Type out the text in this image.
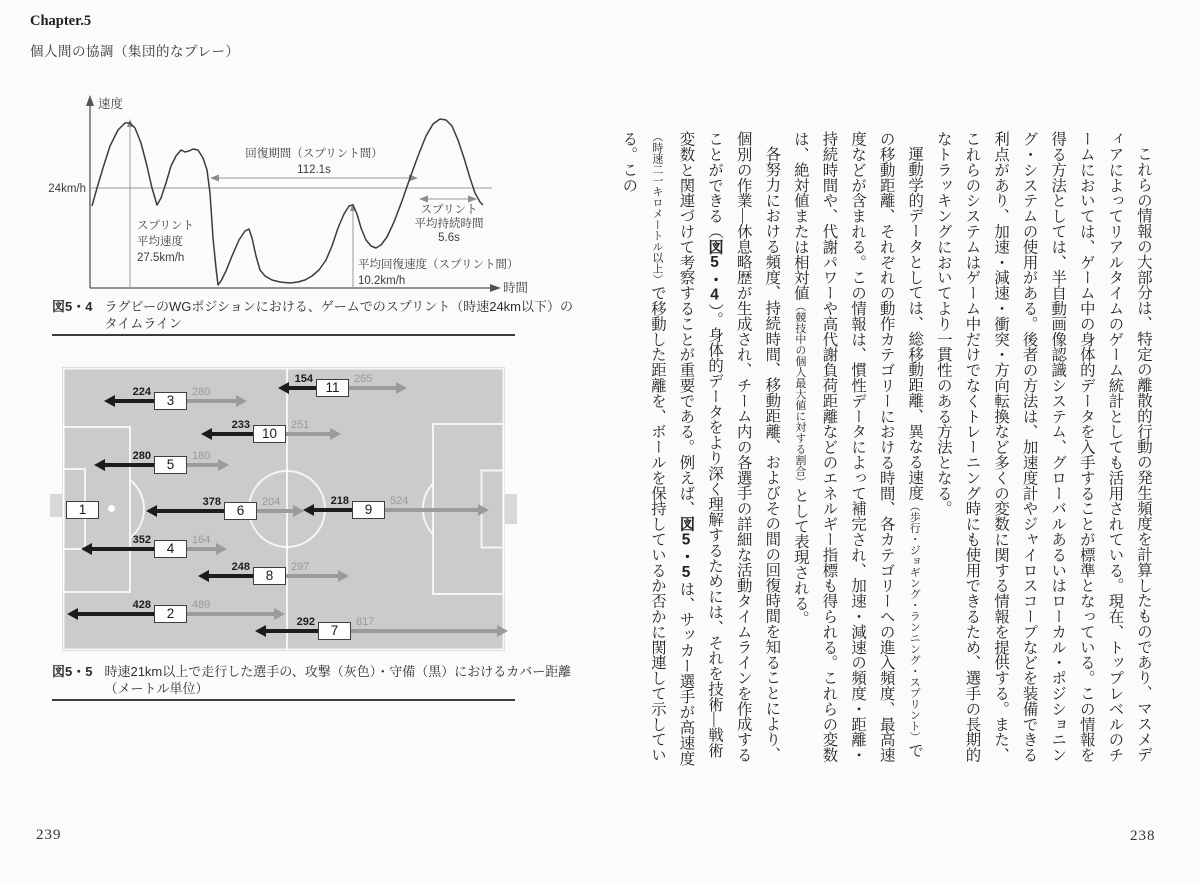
Chapter.5
個人間の協調（集団的なプレー）
速度
時間
24km/h
スプリント
平均速度
27.5km/h
回復期間（スプリント間）
112.1s
平均回復速度（スプリント間）
10.2km/h
スプリント
平均持続時間
5.6s
図5・4 ラグビーのWGポジションにおける、ゲームでのスプリント（時速24km以下）の
タイムライン
1
224	280
3
154	265
11
233	251
10
280	180
5
378	204
6
218	524
9
352	164
4
248	297
8
428	489
2
292	817
7
図5・5 時速21km以上で走行した選手の、攻撃（灰色）・守備（黒）におけるカバー距離
（メートル単位）	これらの情報の大部分は、特定の離散的行動の発生頻度を計算したものであり、マスメディアによってリアルタイムのゲーム統計としても活用されている。現在、トップレベルのチームにおいては、ゲーム中の身体的データを入手することが標準となっている。この情報を得る方法としては、半自動画像認識システム、グローバルあるいはローカル・ポジショニング・システムの使用がある。後者の方法は、加速度計やジャイロスコープなどを装備できる利点があり、加速・減速・衝突・方向転換など多くの変数に関する情報を提供する。また、これらのシステムはゲーム中だけでなくトレーニング時にも使用できるため、選手の長期的なトラッキングにおいてより一貫性のある方法となる。

運動学的データとしては、総移動距離、異なる速度（歩行・ジョギング・ランニング・スプリント）での移動距離、それぞれの動作カテゴリーにおける時間、各カテゴリーへの進入頻度、最高速度などが含まれる。この情報は、慣性データによって補完され、加速・減速の頻度・距離・持続時間や、代謝パワーや高代謝負荷距離などのエネルギー指標も得られる。これらの変数は、絶対値または相対値（競技中の個人最大値に対する割合）として表現される。

各努力における頻度、持続時間、移動距離、およびその間の回復時間を知ることにより、個別の作業—休息略歴が生成され、チーム内の各選手の詳細な活動タイムラインを作成することができる（図5・4）。身体的データをより深く理解するためには、それを技術—戦術変数と関連づけて考察することが重要である。例えば、図5・5は、サッカー選手が高速度（時速二一キロメートル以上）で移動した距離を、ボールを保持しているか否かに関連して示している。この

239	238
